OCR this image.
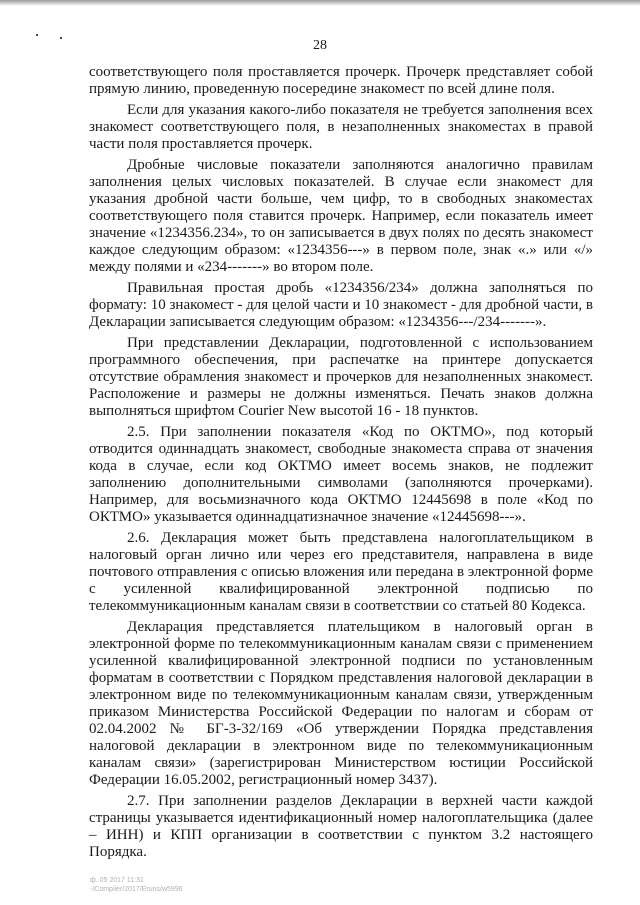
28

соответствующего поля проставляется прочерк. Прочерк представляет собой прямую линию, проведенную посередине знакомест по всей длине поля.

Если для указания какого-либо показателя не требуется заполнения всех знакомест соответствующего поля, в незаполненных знакоместах в правой части поля проставляется прочерк.

Дробные числовые показатели заполняются аналогично правилам заполнения целых числовых показателей. В случае если знакомест для указания дробной части больше, чем цифр, то в свободных знакоместах соответствующего поля ставится прочерк. Например, если показатель имеет значение «1234356.234», то он записывается в двух полях по десять знакомест каждое следующим образом: «1234356---» в первом поле, знак «.» или «/» между полями и «234-------» во втором поле.

Правильная простая дробь «1234356/234» должна заполняться по формату: 10 знакомест - для целой части и 10 знакомест - для дробной части, в Декларации записывается следующим образом: «1234356---/234-------».

При представлении Декларации, подготовленной с использованием программного обеспечения, при распечатке на принтере допускается отсутствие обрамления знакомест и прочерков для незаполненных знакомест. Расположение и размеры не должны изменяться. Печать знаков должна выполняться шрифтом Courier New высотой 16 - 18 пунктов.

2.5. При заполнении показателя «Код по ОКТМО», под который отводится одиннадцать знакомест, свободные знакоместа справа от значения кода в случае, если код ОКТМО имеет восемь знаков, не подлежит заполнению дополнительными символами (заполняются прочерками). Например, для восьмизначного кода ОКТМО 12445698 в поле «Код по ОКТМО» указывается одиннадцатизначное значение «12445698---».

2.6. Декларация может быть представлена налогоплательщиком в налоговый орган лично или через его представителя, направлена в виде почтового отправления с описью вложения или передана в электронной форме с усиленной квалифицированной электронной подписью по телекоммуникационным каналам связи в соответствии со статьей 80 Кодекса.

Декларация представляется плательщиком в налоговый орган в электронной форме по телекоммуникационным каналам связи с применением усиленной квалифицированной электронной подписи по установленным форматам в соответствии с Порядком представления налоговой декларации в электронном виде по телекоммуникационным каналам связи, утвержденным приказом Министерства Российской Федерации по налогам и сборам от 02.04.2002 № БГ-3-32/169 «Об утверждении Порядка представления налоговой декларации в электронном виде по телекоммуникационным каналам связи» (зарегистрирован Министерством юстиции Российской Федерации 16.05.2002, регистрационный номер 3437).

2.7. При заполнении разделов Декларации в верхней части каждой страницы указывается идентификационный номер налогоплательщика (далее – ИНН) и КПП организации в соответствии с пунктом 3.2 настоящего Порядка.

ф. 05 2017 11:31
-/Compiler/2017/Eruns/w5996
